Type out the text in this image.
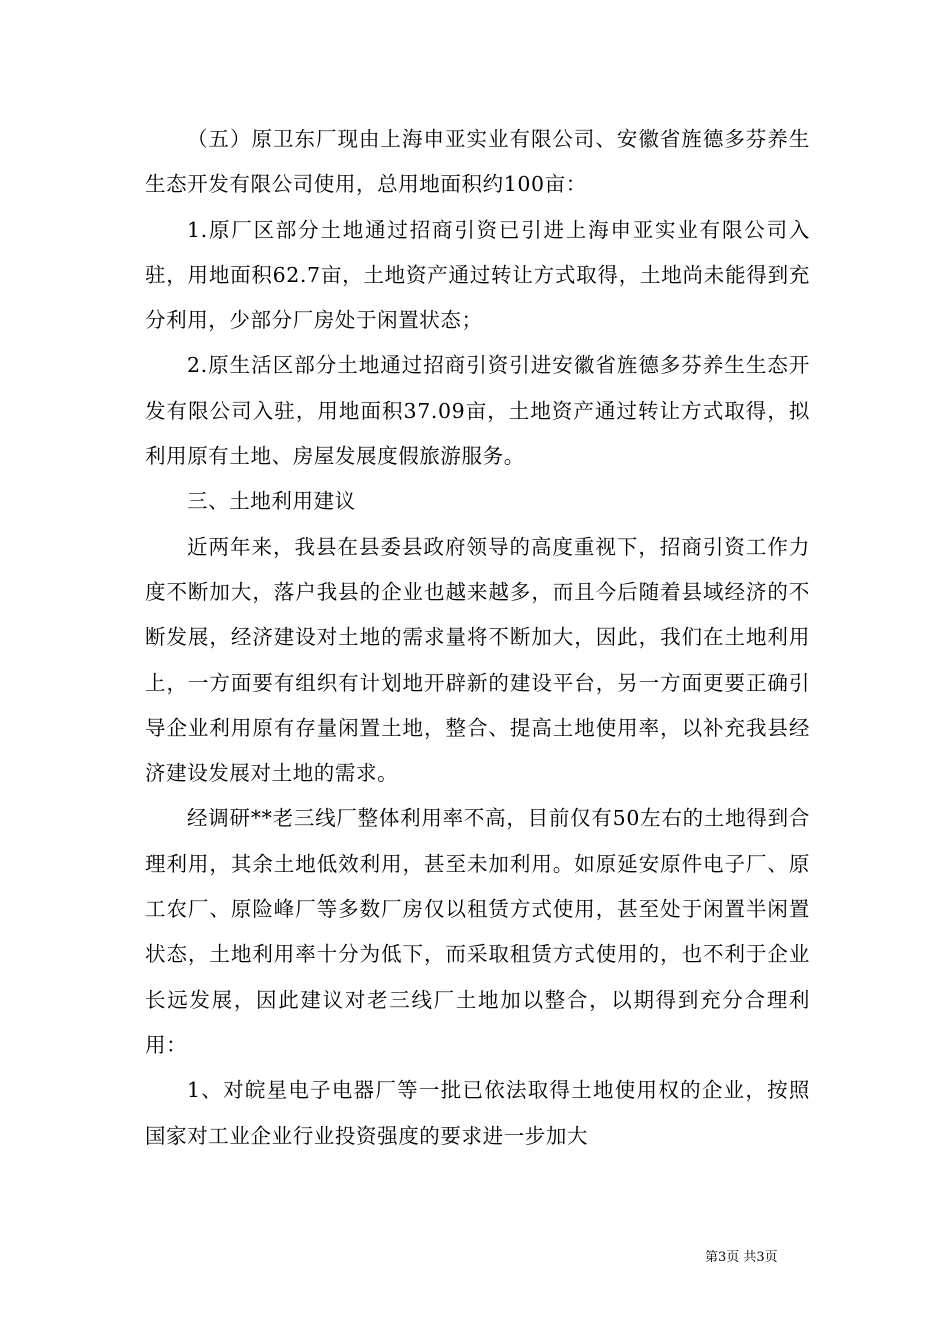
（五）原卫东厂现由上海申亚实业有限公司、安徽省旌德多芬养生生态开发有限公司使用，总用地面积约100亩：

1.原厂区部分土地通过招商引资已引进上海申亚实业有限公司入驻，用地面积62.7亩，土地资产通过转让方式取得，土地尚未能得到充分利用，少部分厂房处于闲置状态；

2.原生活区部分土地通过招商引资引进安徽省旌德多芬养生生态开发有限公司入驻，用地面积37.09亩，土地资产通过转让方式取得，拟利用原有土地、房屋发展度假旅游服务。

三、土地利用建议

近两年来，我县在县委县政府领导的高度重视下，招商引资工作力度不断加大，落户我县的企业也越来越多，而且今后随着县域经济的不断发展，经济建设对土地的需求量将不断加大，因此，我们在土地利用上，一方面要有组织有计划地开辟新的建设平台，另一方面更要正确引导企业利用原有存量闲置土地，整合、提高土地使用率，以补充我县经济建设发展对土地的需求。

经调研**老三线厂整体利用率不高，目前仅有50左右的土地得到合理利用，其余土地低效利用，甚至未加利用。如原延安原件电子厂、原工农厂、原险峰厂等多数厂房仅以租赁方式使用，甚至处于闲置半闲置状态，土地利用率十分为低下，而采取租赁方式使用的，也不利于企业长远发展，因此建议对老三线厂土地加以整合，以期得到充分合理利用：

1、对皖星电子电器厂等一批已依法取得土地使用权的企业，按照国家对工业企业行业投资强度的要求进一步加大

第3页 共3页
